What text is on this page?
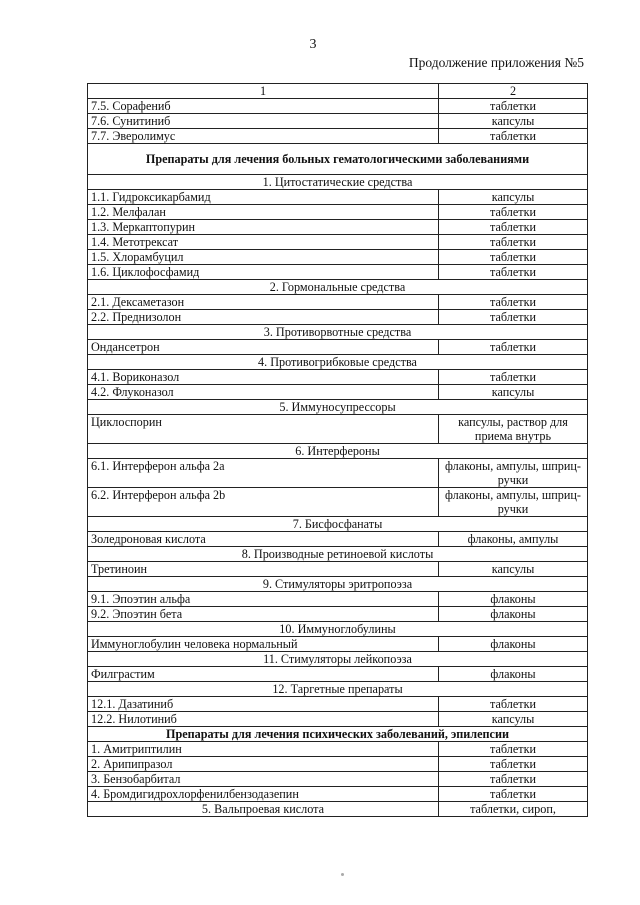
3
Продолжение приложения №5
1	2
7.5. Сорафениб	таблетки
7.6. Сунитиниб	капсулы
7.7. Эверолимус	таблетки
Препараты для лечения больных гематологическими заболеваниями	
1. Цитостатические средства	
1.1. Гидроксикарбамид	капсулы
1.2. Мелфалан	таблетки
1.3. Меркаптопурин	таблетки
1.4. Метотрексат	таблетки
1.5. Хлорамбуцил	таблетки
1.6. Циклофосфамид	таблетки
2. Гормональные средства	
2.1. Дексаметазон	таблетки
2.2. Преднизолон	таблетки
3. Противорвотные средства	
Ондансетрон	таблетки
4. Противогрибковые средства	
4.1. Вориконазол	таблетки
4.2. Флуконазол	капсулы
5. Иммуносупрессоры	
Циклоспорин	капсулы, раствор для приема внутрь
6. Интерфероны	
6.1. Интерферон альфа 2а	флаконы, ампулы, шприц-ручки
6.2. Интерферон альфа 2b	флаконы, ампулы, шприц-ручки
7. Бисфосфанаты	
Золедроновая кислота	флаконы, ампулы
8. Производные ретиноевой кислоты	
Третиноин	капсулы
9. Стимуляторы эритропоэза	
9.1. Эпоэтин альфа	флаконы
9.2. Эпоэтин бета	флаконы
10. Иммуноглобулины	
Иммуноглобулин человека нормальный	флаконы
11. Стимуляторы лейкопоэза	
Филграстим	флаконы
12. Таргетные препараты	
12.1. Дазатиниб	таблетки
12.2. Нилотиниб	капсулы
Препараты для лечения психических заболеваний, эпилепсии	
1. Амитриптилин	таблетки
2. Арипипразол	таблетки
3. Бензобарбитал	таблетки
4. Бромдигидрохлорфенилбензодазепин	таблетки
5. Вальпроевая кислота	таблетки, сироп,
